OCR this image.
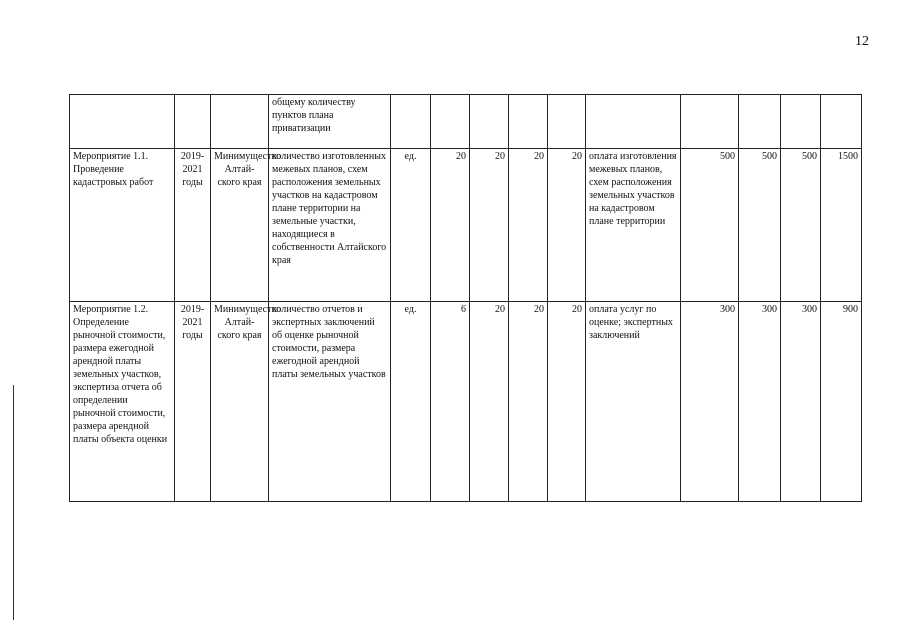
12
			общему количеству пунктов плана приватизации										
Мероприятие 1.1. Проведение кадастровых работ	2019-2021 годы	Минимущество Алтай-ского края	количество изготовленных межевых планов, схем расположения земельных участков на кадастровом плане территории на земельные участки, находящиеся в собственности Алтайского края	ед.	20	20	20	20	оплата изготовления межевых планов, схем расположения земельных участков на кадастровом плане территории	500	500	500	1500
Мероприятие 1.2. Определение рыночной стоимости, размера ежегодной арендной платы земельных участков, экспертиза отчета об определении рыночной стоимости, размера арендной платы объекта оценки	2019-2021 годы	Минимущество Алтай-ского края	количество отчетов и экспертных заключений об оценке рыночной стоимости, размера ежегодной арендной платы земельных участков	ед.	6	20	20	20	оплата услуг по оценке; экспертных заключений	300	300	300	900
